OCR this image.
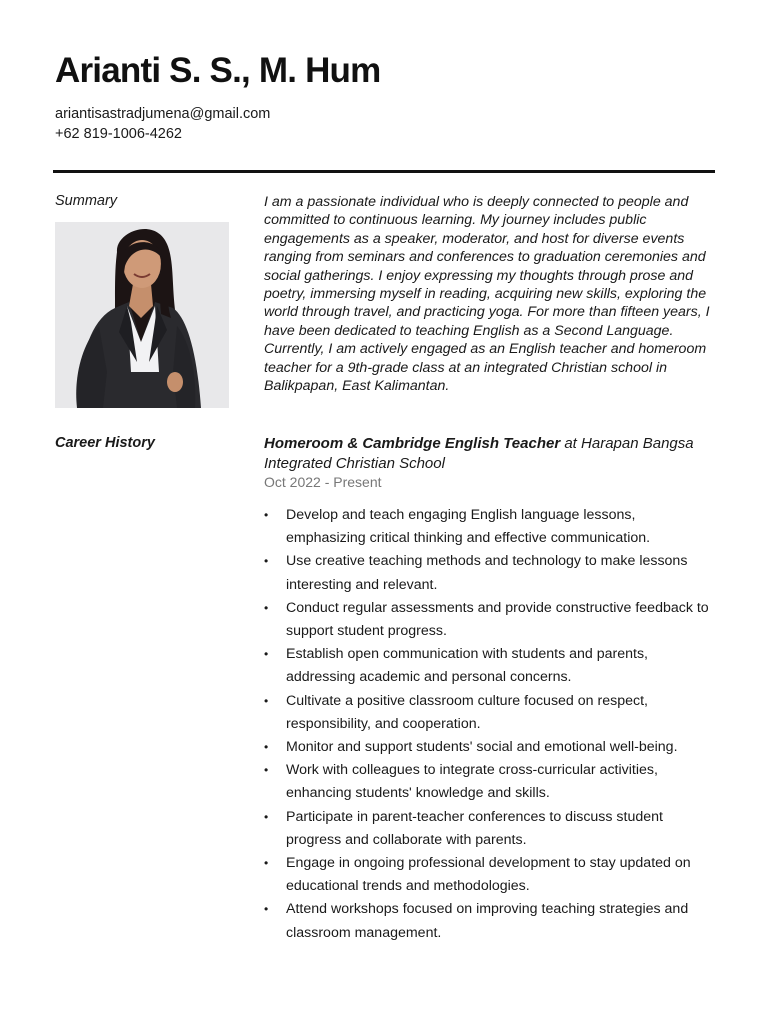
Arianti S. S., M. Hum
ariantisastradjumena@gmail.com
+62 819-1006-4262
Summary	I am a passionate individual who is deeply connected to people and committed to continuous learning. My journey includes public engagements as a speaker, moderator, and host for diverse events ranging from seminars and conferences to graduation ceremonies and social gatherings. I enjoy expressing my thoughts through prose and poetry, immersing myself in reading, acquiring new skills, exploring the world through travel, and practicing yoga. For more than fifteen years, I have been dedicated to teaching English as a Second Language. Currently, I am actively engaged as an English teacher and homeroom teacher for a 9th-grade class at an integrated Christian school in Balikpapan, East Kalimantan.

Career History	Homeroom & Cambridge English Teacher at Harapan Bangsa Integrated Christian School

Oct 2022 - Present
• Develop and teach engaging English language lessons, emphasizing critical thinking and effective communication.
• Use creative teaching methods and technology to make lessons interesting and relevant.
• Conduct regular assessments and provide constructive feedback to support student progress.
• Establish open communication with students and parents, addressing academic and personal concerns.
• Cultivate a positive classroom culture focused on respect, responsibility, and cooperation.
• Monitor and support students' social and emotional well-being.
• Work with colleagues to integrate cross-curricular activities, enhancing students' knowledge and skills.
• Participate in parent-teacher conferences to discuss student progress and collaborate with parents.
• Engage in ongoing professional development to stay updated on educational trends and methodologies.
• Attend workshops focused on improving teaching strategies and classroom management.
